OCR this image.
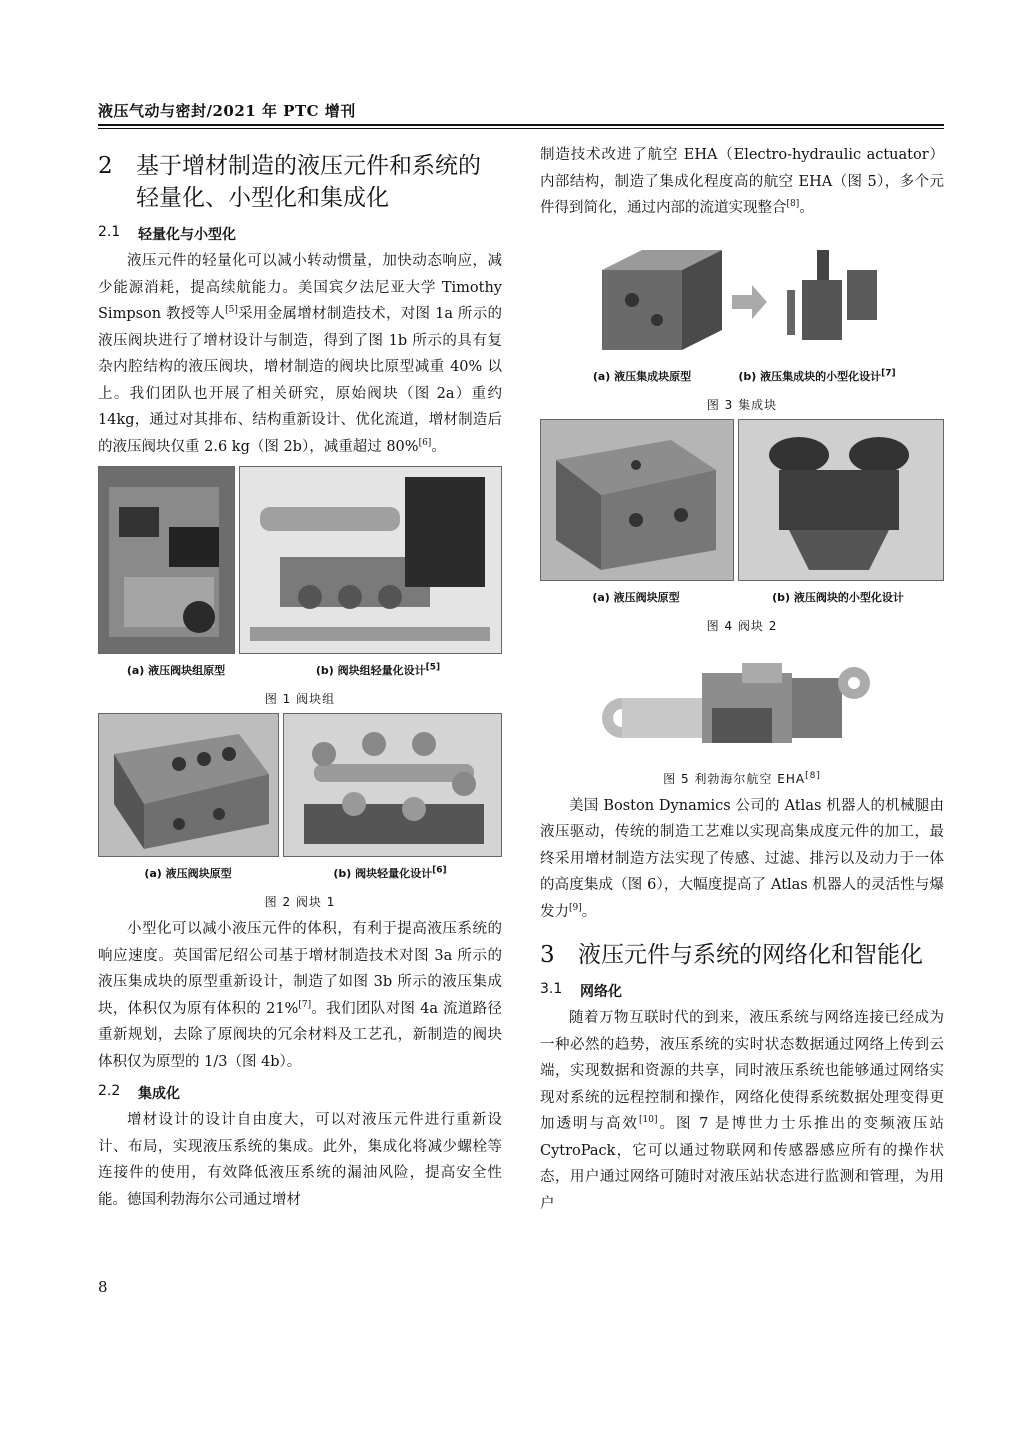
液压气动与密封/2021 年 PTC 增刊
2	基于增材制造的液压元件和系统的轻量化、小型化和集成化
2.1	轻量化与小型化

液压元件的轻量化可以减小转动惯量，加快动态响应，减少能源消耗，提高续航能力。美国宾夕法尼亚大学 Timothy Simpson 教授等人[5]采用金属增材制造技术，对图 1a 所示的液压阀块进行了增材设计与制造，得到了图 1b 所示的具有复杂内腔结构的液压阀块，增材制造的阀块比原型减重 40% 以上。我们团队也开展了相关研究，原始阀块（图 2a）重约 14kg，通过对其排布、结构重新设计、优化流道，增材制造后的液压阀块仅重 2.6 kg（图 2b），减重超过 80%[6]。

(a) 液压阀块组原型	(b) 阀块组轻量化设计[5]
图 1 阀块组
(a) 液压阀块原型	(b) 阀块轻量化设计[6]
图 2 阀块 1

小型化可以减小液压元件的体积，有利于提高液压系统的响应速度。英国雷尼绍公司基于增材制造技术对图 3a 所示的液压集成块的原型重新设计，制造了如图 3b 所示的液压集成块，体积仅为原有体积的 21%[7]。我们团队对图 4a 流道路径重新规划，去除了原阀块的冗余材料及工艺孔，新制造的阀块体积仅为原型的 1/3（图 4b）。

2.2	集成化

增材设计的设计自由度大，可以对液压元件进行重新设计、布局，实现液压系统的集成。此外，集成化将减少螺栓等连接件的使用，有效降低液压系统的漏油风险，提高安全性能。德国利勃海尔公司通过增材

制造技术改进了航空 EHA（Electro-hydraulic actuator）内部结构，制造了集成化程度高的航空 EHA（图 5），多个元件得到简化，通过内部的流道实现整合[8]。

(a) 液压集成块原型	(b) 液压集成块的小型化设计[7]
图 3 集成块
(a) 液压阀块原型	(b) 液压阀块的小型化设计
图 4 阀块 2
图 5 利勃海尔航空 EHA[8]

美国 Boston Dynamics 公司的 Atlas 机器人的机械腿由液压驱动，传统的制造工艺难以实现高集成度元件的加工，最终采用增材制造方法实现了传感、过滤、排污以及动力于一体的高度集成（图 6），大幅度提高了 Atlas 机器人的灵活性与爆发力[9]。

3	液压元件与系统的网络化和智能化
3.1	网络化

随着万物互联时代的到来，液压系统与网络连接已经成为一种必然的趋势，液压系统的实时状态数据通过网络上传到云端，实现数据和资源的共享，同时液压系统也能够通过网络实现对系统的远程控制和操作，网络化使得系统数据处理变得更加透明与高效[10]。图 7 是博世力士乐推出的变频液压站 CytroPack，它可以通过物联网和传感器感应所有的操作状态，用户通过网络可随时对液压站状态进行监测和管理，为用户

8
